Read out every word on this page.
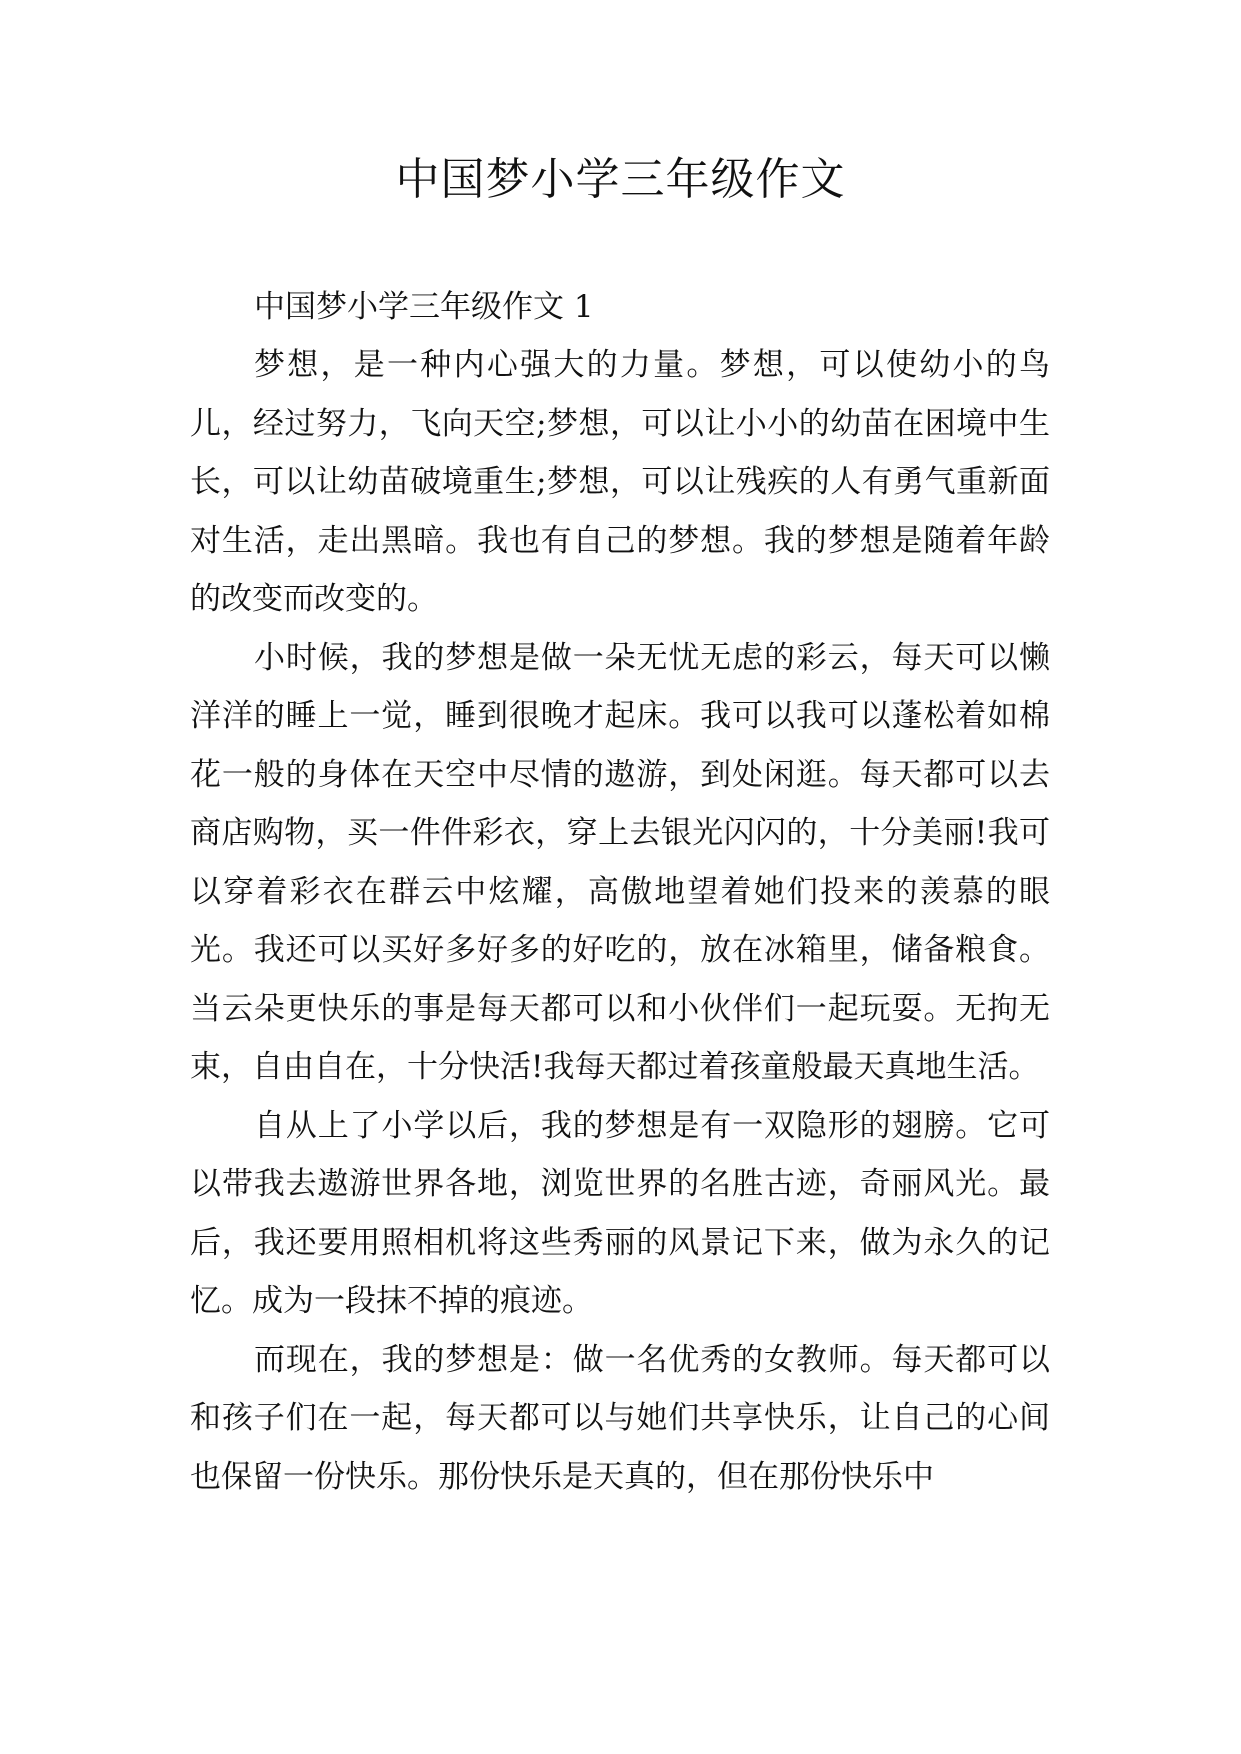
中国梦小学三年级作文
中国梦小学三年级作文 1

梦想，是一种内心强大的力量。梦想，可以使幼小的鸟儿，经过努力，飞向天空;梦想，可以让小小的幼苗在困境中生长，可以让幼苗破境重生;梦想，可以让残疾的人有勇气重新面对生活，走出黑暗。我也有自己的梦想。我的梦想是随着年龄的改变而改变的。

小时候，我的梦想是做一朵无忧无虑的彩云，每天可以懒洋洋的睡上一觉，睡到很晚才起床。我可以我可以蓬松着如棉花一般的身体在天空中尽情的遨游，到处闲逛。每天都可以去商店购物，买一件件彩衣，穿上去银光闪闪的，十分美丽!我可以穿着彩衣在群云中炫耀，高傲地望着她们投来的羡慕的眼光。我还可以买好多好多的好吃的，放在冰箱里，储备粮食。当云朵更快乐的事是每天都可以和小伙伴们一起玩耍。无拘无束，自由自在，十分快活!我每天都过着孩童般最天真地生活。

自从上了小学以后，我的梦想是有一双隐形的翅膀。它可以带我去遨游世界各地，浏览世界的名胜古迹，奇丽风光。最后，我还要用照相机将这些秀丽的风景记下来，做为永久的记忆。成为一段抹不掉的痕迹。

而现在，我的梦想是：做一名优秀的女教师。每天都可以和孩子们在一起，每天都可以与她们共享快乐，让自己的心间也保留一份快乐。那份快乐是天真的，但在那份快乐中
